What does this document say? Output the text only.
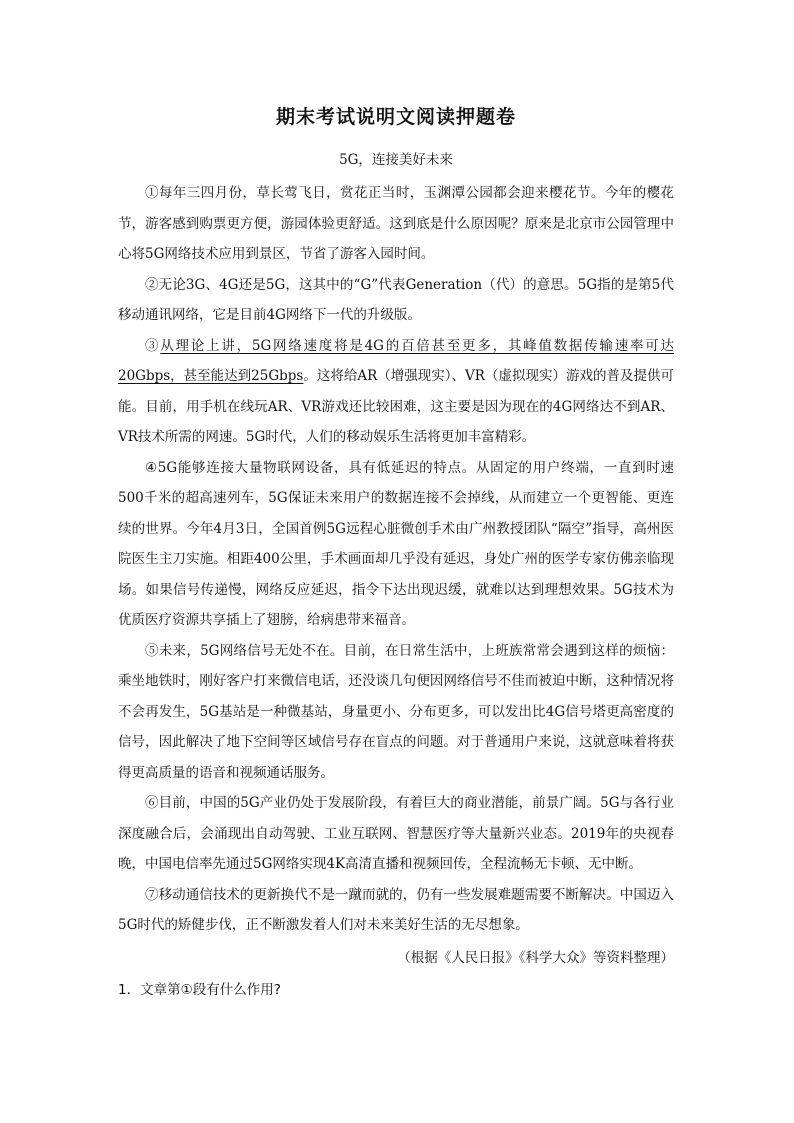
期末考试说明文阅读押题卷
5G，连接美好未来

①每年三四月份，草长莺飞日，赏花正当时，玉渊潭公园都会迎来樱花节。今年的樱花节，游客感到购票更方便，游园体验更舒适。这到底是什么原因呢？原来是北京市公园管理中心将5G网络技术应用到景区，节省了游客入园时间。

②无论3G、4G还是5G，这其中的“G”代表Generation（代）的意思。5G指的是第5代移动通讯网络，它是目前4G网络下一代的升级版。

③从理论上讲，5G网络速度将是4G的百倍甚至更多，其峰值数据传输速率可达20Gbps，甚至能达到25Gbps。这将给AR（增强现实）、VR（虚拟现实）游戏的普及提供可能。目前，用手机在线玩AR、VR游戏还比较困难，这主要是因为现在的4G网络达不到AR、VR技术所需的网速。5G时代，人们的移动娱乐生活将更加丰富精彩。

④5G能够连接大量物联网设备，具有低延迟的特点。从固定的用户终端，一直到时速500千米的超高速列车，5G保证未来用户的数据连接不会掉线，从而建立一个更智能、更连续的世界。今年4月3日，全国首例5G远程心脏微创手术由广州教授团队“隔空”指导，高州医院医生主刀实施。相距400公里，手术画面却几乎没有延迟，身处广州的医学专家仿佛亲临现场。如果信号传递慢，网络反应延迟，指令下达出现迟缓，就难以达到理想效果。5G技术为优质医疗资源共享插上了翅膀，给病患带来福音。

⑤未来，5G网络信号无处不在。目前，在日常生活中，上班族常常会遇到这样的烦恼：乘坐地铁时，刚好客户打来微信电话，还没谈几句便因网络信号不佳而被迫中断，这种情况将不会再发生，5G基站是一种微基站，身量更小、分布更多，可以发出比4G信号塔更高密度的信号，因此解决了地下空间等区域信号存在盲点的问题。对于普通用户来说，这就意味着将获得更高质量的语音和视频通话服务。

⑥目前，中国的5G产业仍处于发展阶段，有着巨大的商业潜能，前景广阔。5G与各行业深度融合后，会涌现出自动驾驶、工业互联网、智慧医疗等大量新兴业态。2019年的央视春晚，中国电信率先通过5G网络实现4K高清直播和视频回传，全程流畅无卡顿、无中断。

⑦移动通信技术的更新换代不是一蹴而就的，仍有一些发展难题需要不断解决。中国迈入5G时代的矫健步伐，正不断激发着人们对未来美好生活的无尽想象。

（根据《人民日报》《科学大众》等资料整理）
1．文章第①段有什么作用?
